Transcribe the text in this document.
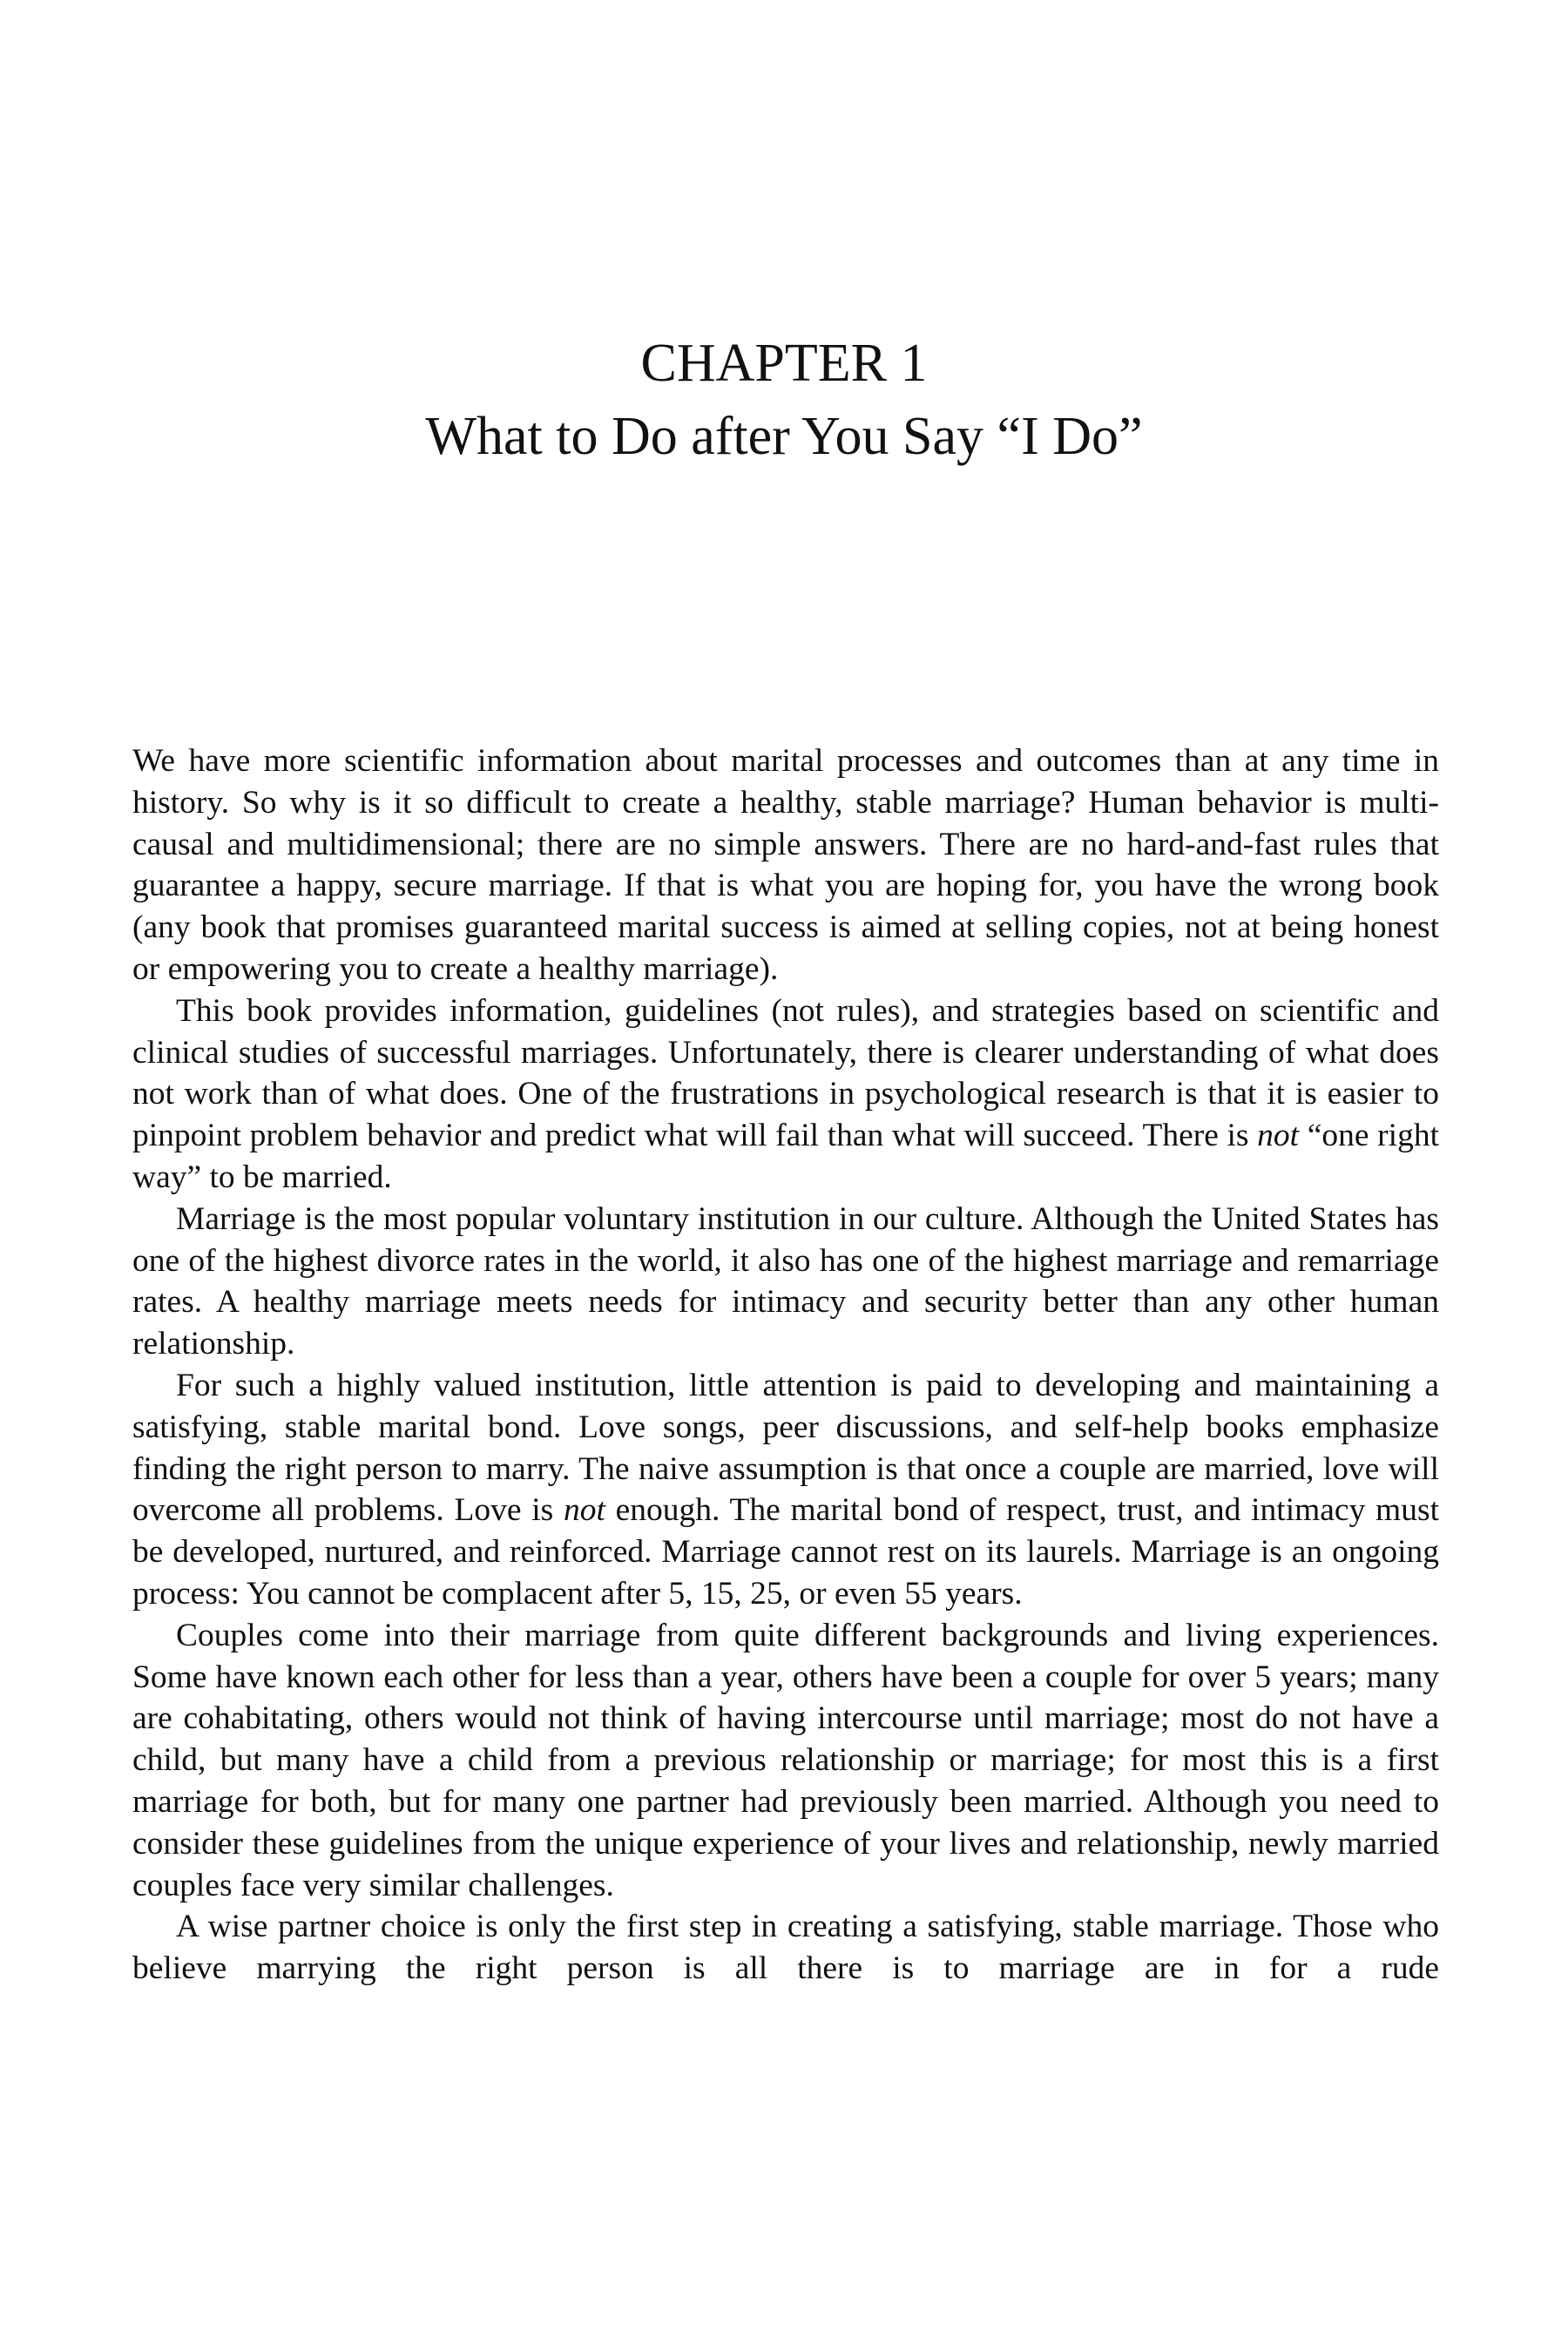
CHAPTER 1
What to Do after You Say “I Do”

We have more scientific information about marital processes and outcomes than at any time in history. So why is it so difficult to create a healthy, stable marriage? Human behavior is multi-causal and multidimensional; there are no simple answers. There are no hard-and-fast rules that guarantee a happy, secure marriage. If that is what you are hoping for, you have the wrong book (any book that promises guaranteed marital success is aimed at selling copies, not at being honest or empowering you to create a healthy marriage).

This book provides information, guidelines (not rules), and strategies based on scientific and clinical studies of successful marriages. Unfortunately, there is clearer understanding of what does not work than of what does. One of the frustrations in psychological research is that it is easier to pinpoint problem behavior and predict what will fail than what will succeed. There is not “one right way” to be married.

Marriage is the most popular voluntary institution in our culture. Although the United States has one of the highest divorce rates in the world, it also has one of the highest marriage and remarriage rates. A healthy marriage meets needs for intimacy and security better than any other human relationship.

For such a highly valued institution, little attention is paid to developing and maintaining a satisfying, stable marital bond. Love songs, peer discussions, and self-help books emphasize finding the right person to marry. The naive assumption is that once a couple are married, love will overcome all problems. Love is not enough. The marital bond of respect, trust, and intimacy must be developed, nurtured, and reinforced. Marriage cannot rest on its laurels. Marriage is an ongoing process: You cannot be complacent after 5, 15, 25, or even 55 years.

Couples come into their marriage from quite different backgrounds and living experiences. Some have known each other for less than a year, others have been a couple for over 5 years; many are cohabitating, others would not think of having intercourse until marriage; most do not have a child, but many have a child from a previous relationship or marriage; for most this is a first marriage for both, but for many one partner had previously been married. Although you need to consider these guidelines from the unique experience of your lives and relationship, newly married couples face very similar challenges.

A wise partner choice is only the first step in creating a satisfying, stable marriage. Those who believe marrying the right person is all there is to marriage are in for a rude
